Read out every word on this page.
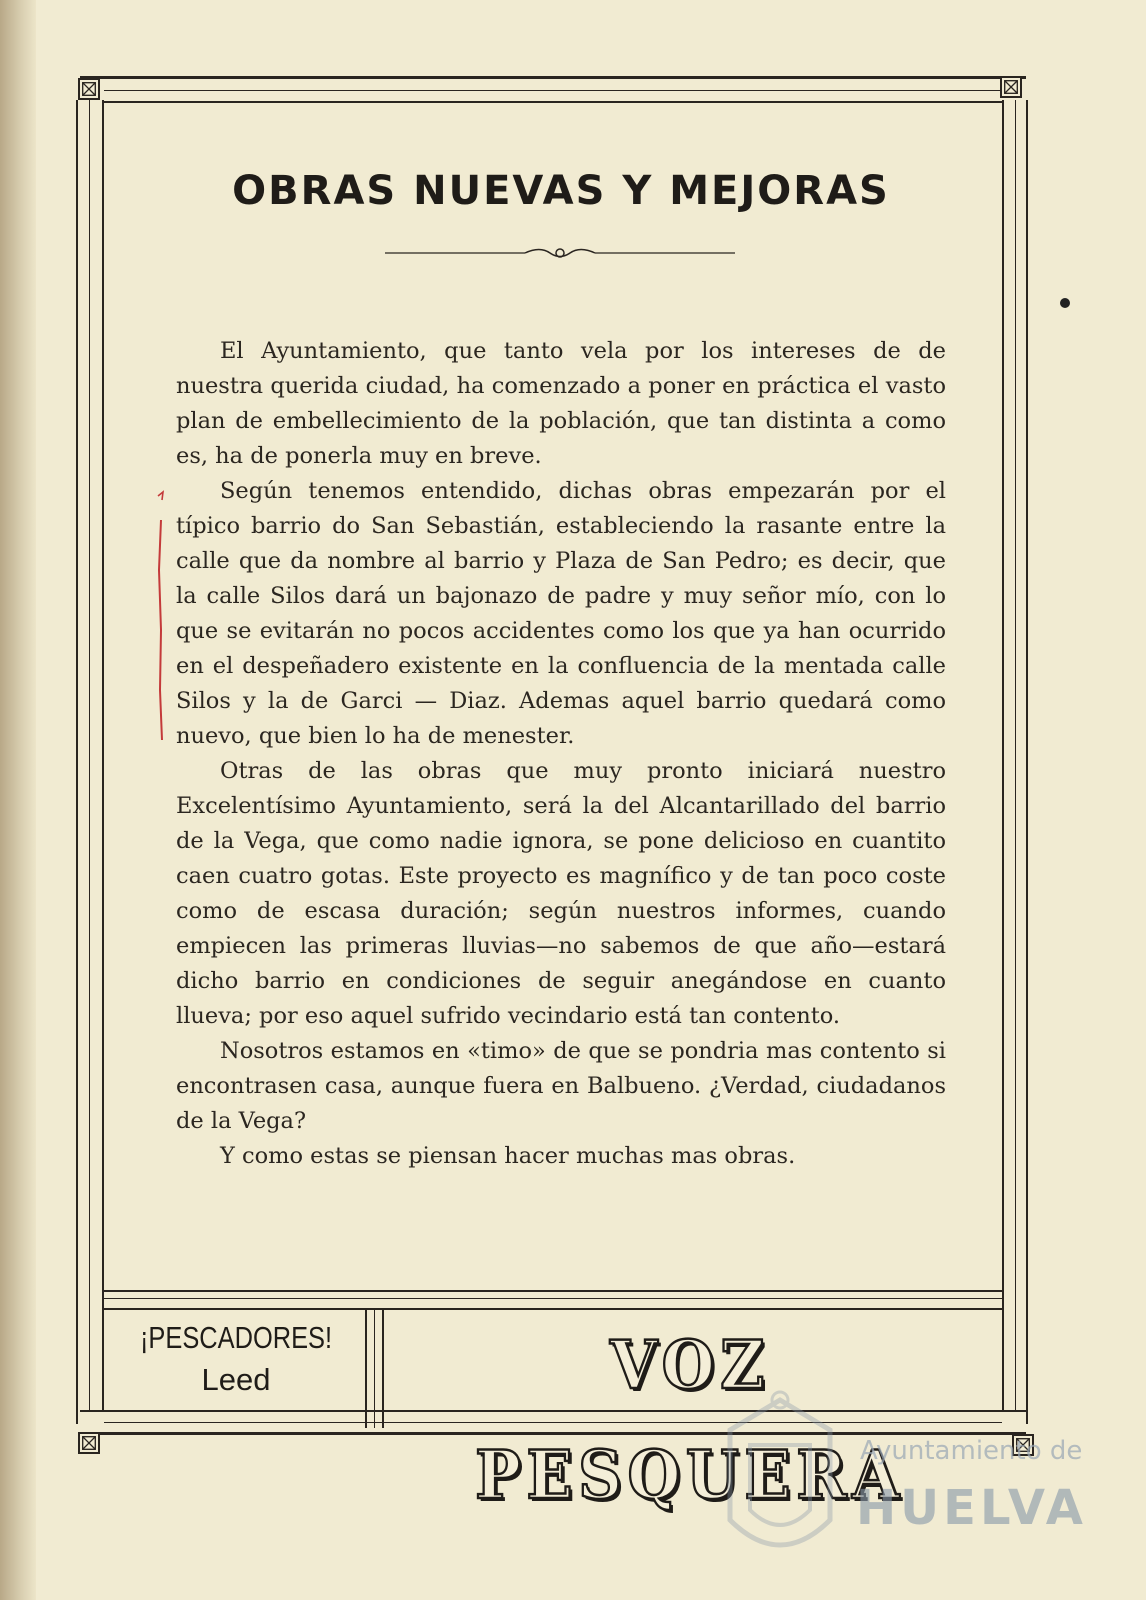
OBRAS NUEVAS Y MEJORAS

El Ayuntamiento, que tanto vela por los intereses de de nuestra querida ciudad, ha comenzado a poner en práctica el vasto plan de embellecimiento de la población, que tan distinta a como es, ha de ponerla muy en breve.

Según tenemos entendido, dichas obras empezarán por el típico barrio do San Sebastián, estableciendo la rasante entre la calle que da nombre al barrio y Plaza de San Pedro; es decir, que la calle Silos dará un bajonazo de padre y muy señor mío, con lo que se evitarán no pocos accidentes como los que ya han ocurrido en el despeñadero existente en la confluencia de la mentada calle Silos y la de Garci — Diaz. Ademas aquel barrio quedará como nuevo, que bien lo ha de menester.

Otras de las obras que muy pronto iniciará nuestro Excelentísimo Ayuntamiento, será la del Alcantarillado del barrio de la Vega, que como nadie ignora, se pone delicioso en cuantito caen cuatro gotas. Este proyecto es magnífico y de tan poco coste como de escasa duración; según nuestros informes, cuando empiecen las primeras lluvias—no sabemos de que año—estará dicho barrio en condiciones de seguir anegándose en cuanto llueva; por eso aquel sufrido vecindario está tan contento.

Nosotros estamos en «timo» de que se pondria mas contento si encontrasen casa, aunque fuera en Balbueno. ¿Verdad, ciudadanos de la Vega?

Y como estas se piensan hacer muchas mas obras.

¡PESCADORES!
Leed	VOZ PESQUERA
Ayuntamiento de
HUELVA
